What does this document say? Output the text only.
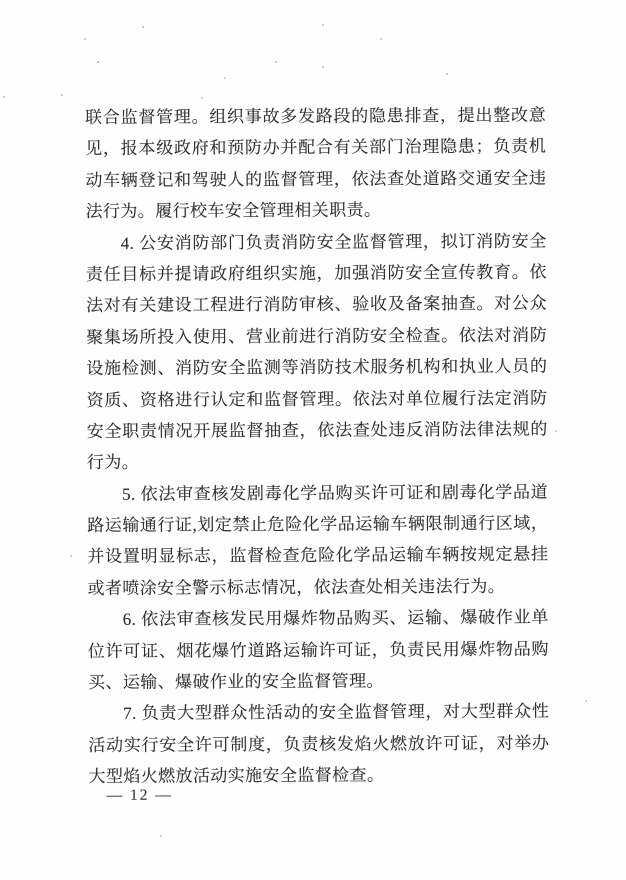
联合监督管理。组织事故多发路段的隐患排查，提出整改意
见，报本级政府和预防办并配合有关部门治理隐患；负责机
动车辆登记和驾驶人的监督管理，依法查处道路交通安全违
法行为。履行校车安全管理相关职责。
4. 公安消防部门负责消防安全监督管理，拟订消防安全
责任目标并提请政府组织实施，加强消防安全宣传教育。依
法对有关建设工程进行消防审核、验收及备案抽查。对公众
聚集场所投入使用、营业前进行消防安全检查。依法对消防
设施检测、消防安全监测等消防技术服务机构和执业人员的
资质、资格进行认定和监督管理。依法对单位履行法定消防
安全职责情况开展监督抽查，依法查处违反消防法律法规的
行为。
5. 依法审查核发剧毒化学品购买许可证和剧毒化学品道
路运输通行证,划定禁止危险化学品运输车辆限制通行区域，
并设置明显标志，监督检查危险化学品运输车辆按规定悬挂
或者喷涂安全警示标志情况，依法查处相关违法行为。
6. 依法审查核发民用爆炸物品购买、运输、爆破作业单
位许可证、烟花爆竹道路运输许可证，负责民用爆炸物品购
买、运输、爆破作业的安全监督管理。
7. 负责大型群众性活动的安全监督管理，对大型群众性
活动实行安全许可制度，负责核发焰火燃放许可证，对举办
大型焰火燃放活动实施安全监督检查。
— 12 —
